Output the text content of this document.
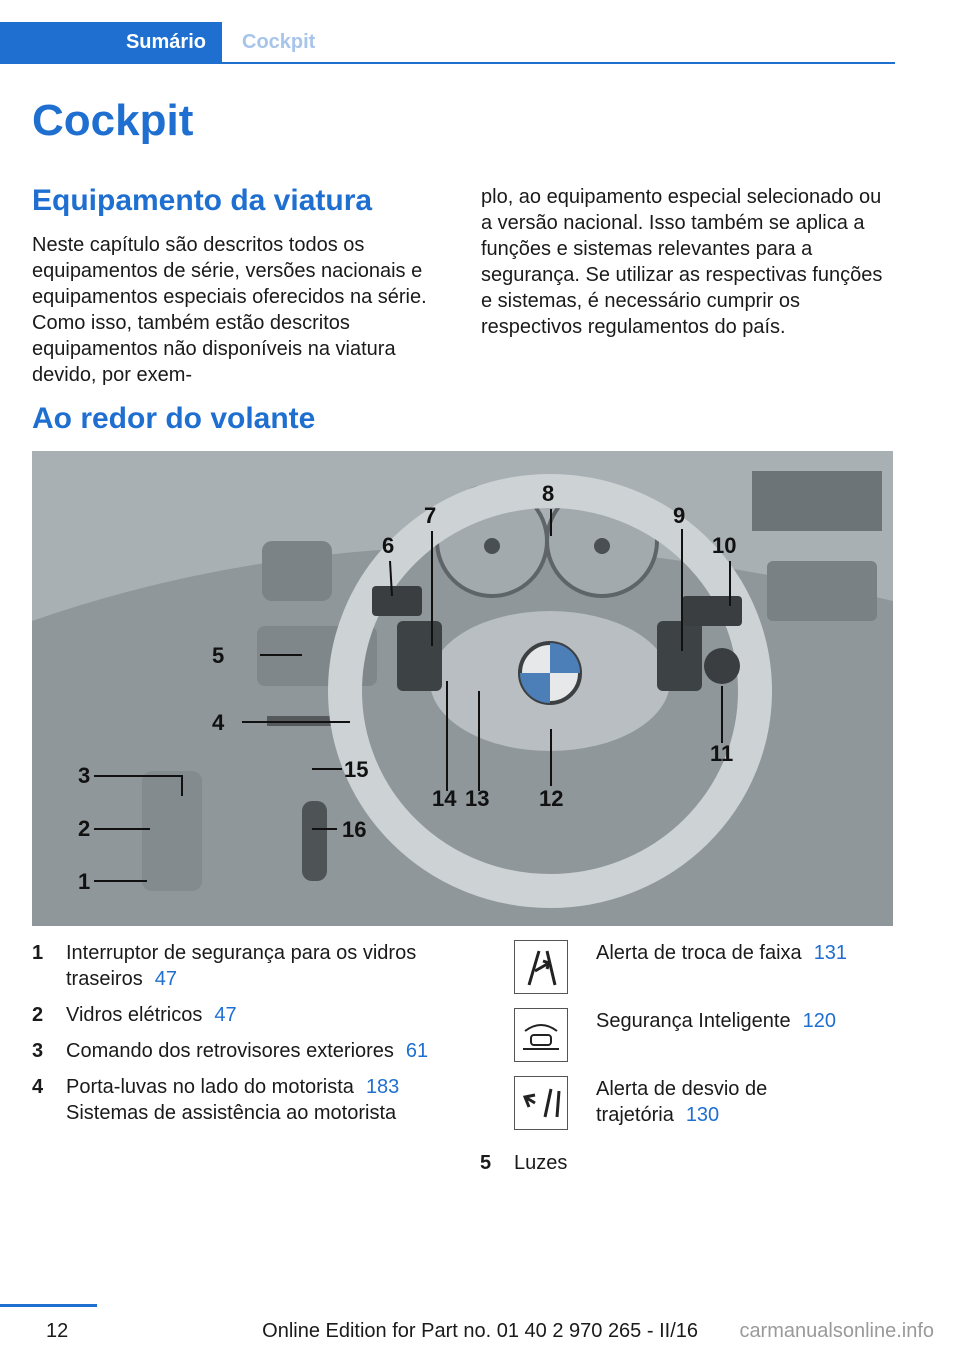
Sumário	Cockpit
Cockpit
Equipamento da viatura

Neste capítulo são descritos todos os equipamentos de série, versões nacionais e equipamentos especiais oferecidos na série. Como isso, também estão descritos equipamentos não disponíveis na viatura devido, por exem-

plo, ao equipamento especial selecionado ou a versão nacional. Isso também se aplica a funções e sistemas relevantes para a segurança. Se utilizar as respectivas funções e sistemas, é necessário cumprir os respectivos regulamentos do país.

Ao redor do volante
1
2
3
4
5
6
7
8
9
10
11
12
13
14
15
16
1 Interruptor de segurança para os vidros traseiros 47
2 Vidros elétricos 47
3 Comando dos retrovisores exteriores 61
4 Porta-luvas no lado do motorista 183
Sistemas de assistência ao motorista
Alerta de troca de faixa 131
Segurança Inteligente 120
Alerta de desvio de trajetória 130
5 Luzes
12	Online Edition for Part no. 01 40 2 970 265 - II/16 carmanualsonline.info
